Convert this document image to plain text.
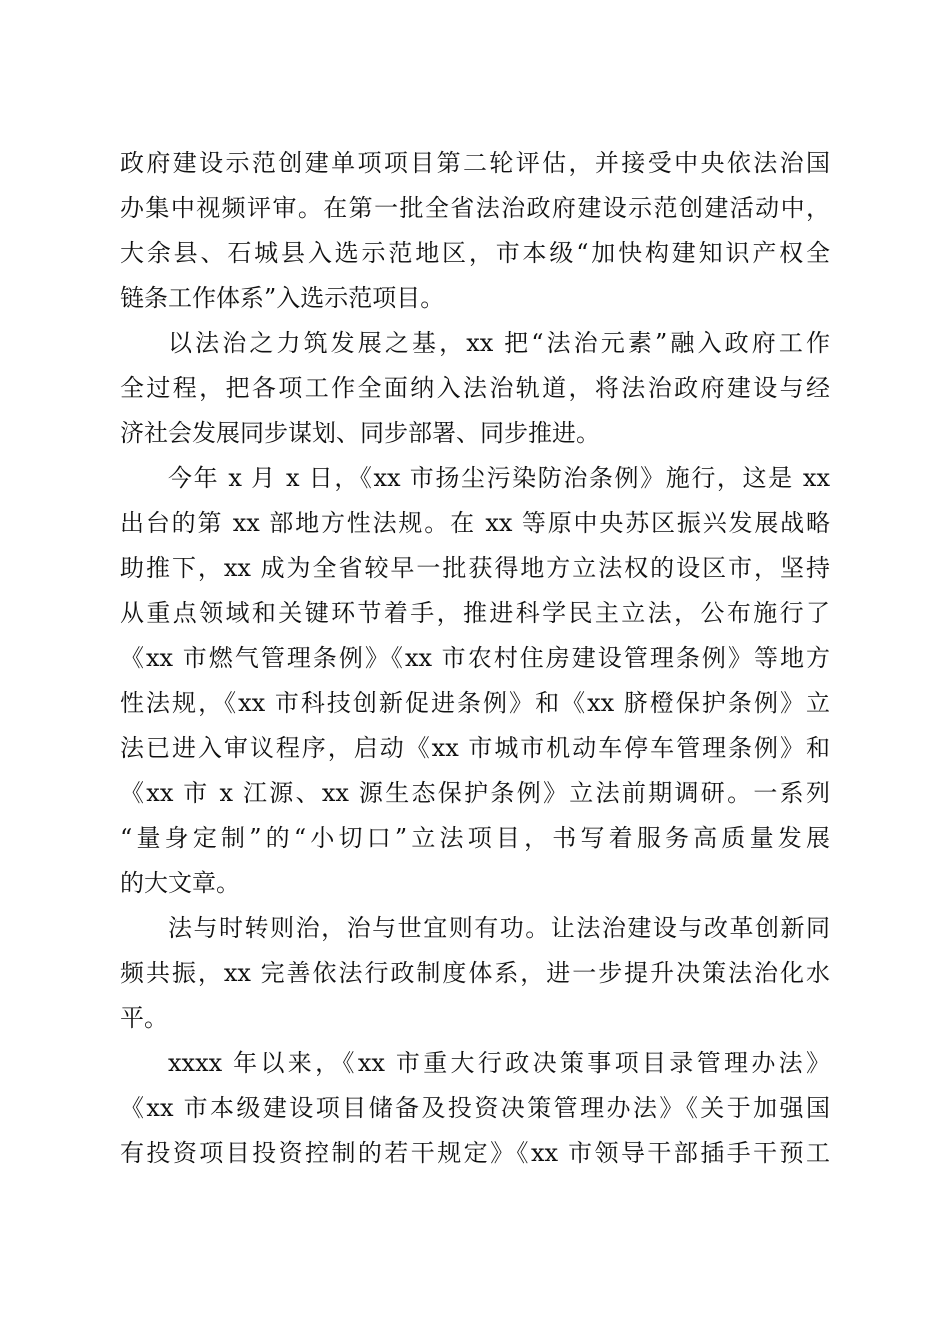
政府建设示范创建单项项目第二轮评估，并接受中央依法治国
办集中视频评审。在第一批全省法治政府建设示范创建活动中，
大余县、石城县入选示范地区，市本级“加快构建知识产权全
链条工作体系”入选示范项目。
以法治之力筑发展之基，xx 把“法治元素”融入政府工作
全过程，把各项工作全面纳入法治轨道，将法治政府建设与经
济社会发展同步谋划、同步部署、同步推进。
今年 x 月 x 日，《xx 市扬尘污染防治条例》施行，这是 xx
出台的第 xx 部地方性法规。在 xx 等原中央苏区振兴发展战略
助推下，xx 成为全省较早一批获得地方立法权的设区市，坚持
从重点领域和关键环节着手，推进科学民主立法，公布施行了
《xx 市燃气管理条例》《xx 市农村住房建设管理条例》等地方
性法规，《xx 市科技创新促进条例》和《xx 脐橙保护条例》立
法已进入审议程序，启动《xx 市城市机动车停车管理条例》和
《xx 市 x 江源、xx 源生态保护条例》立法前期调研。一系列
“量身定制”的“小切口”立法项目，书写着服务高质量发展
的大文章。
法与时转则治，治与世宜则有功。让法治建设与改革创新同
频共振，xx 完善依法行政制度体系，进一步提升决策法治化水
平。
xxxx 年以来，《xx 市重大行政决策事项目录管理办法》
《xx 市本级建设项目储备及投资决策管理办法》《关于加强国
有投资项目投资控制的若干规定》《xx 市领导干部插手干预工
